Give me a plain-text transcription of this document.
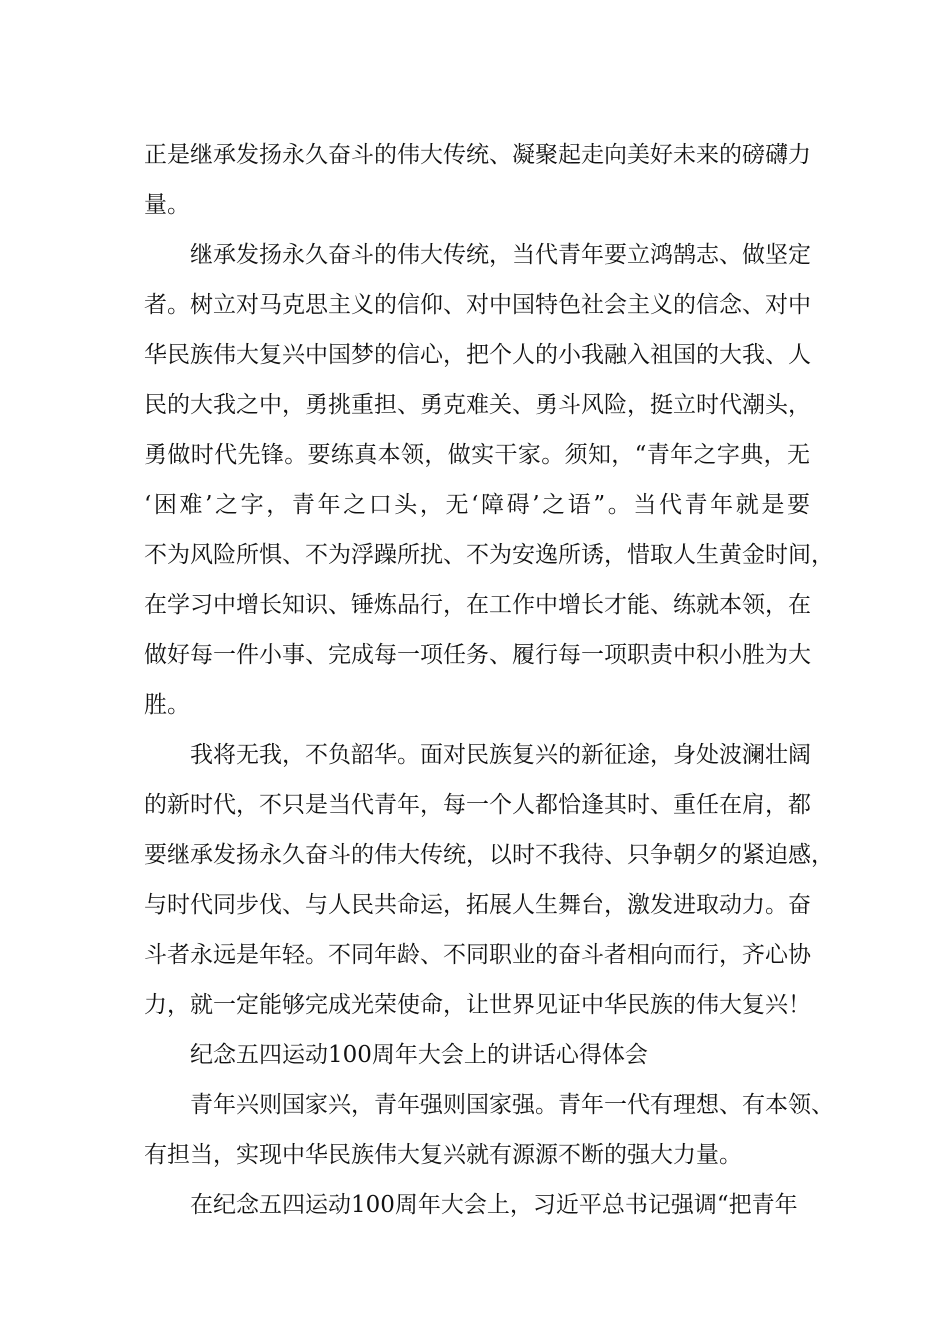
正是继承发扬永久奋斗的伟大传统、凝聚起走向美好未来的磅礴力
量。
继承发扬永久奋斗的伟大传统，当代青年要立鸿鹄志、做坚定
者。树立对马克思主义的信仰、对中国特色社会主义的信念、对中
华民族伟大复兴中国梦的信心，把个人的小我融入祖国的大我、人
民的大我之中，勇挑重担、勇克难关、勇斗风险，挺立时代潮头，
勇做时代先锋。要练真本领，做实干家。须知，“青年之字典，无
‘困难’之字，青年之口头，无‘障碍’之语”。当代青年就是要
不为风险所惧、不为浮躁所扰、不为安逸所诱，惜取人生黄金时间，
在学习中增长知识、锤炼品行，在工作中增长才能、练就本领，在
做好每一件小事、完成每一项任务、履行每一项职责中积小胜为大
胜。
我将无我，不负韶华。面对民族复兴的新征途，身处波澜壮阔
的新时代，不只是当代青年，每一个人都恰逢其时、重任在肩，都
要继承发扬永久奋斗的伟大传统，以时不我待、只争朝夕的紧迫感，
与时代同步伐、与人民共命运，拓展人生舞台，激发进取动力。奋
斗者永远是年轻。不同年龄、不同职业的奋斗者相向而行，齐心协
力，就一定能够完成光荣使命，让世界见证中华民族的伟大复兴！
纪念五四运动100周年大会上的讲话心得体会
青年兴则国家兴，青年强则国家强。青年一代有理想、有本领、
有担当，实现中华民族伟大复兴就有源源不断的强大力量。
在纪念五四运动100周年大会上，习近平总书记强调“把青年
